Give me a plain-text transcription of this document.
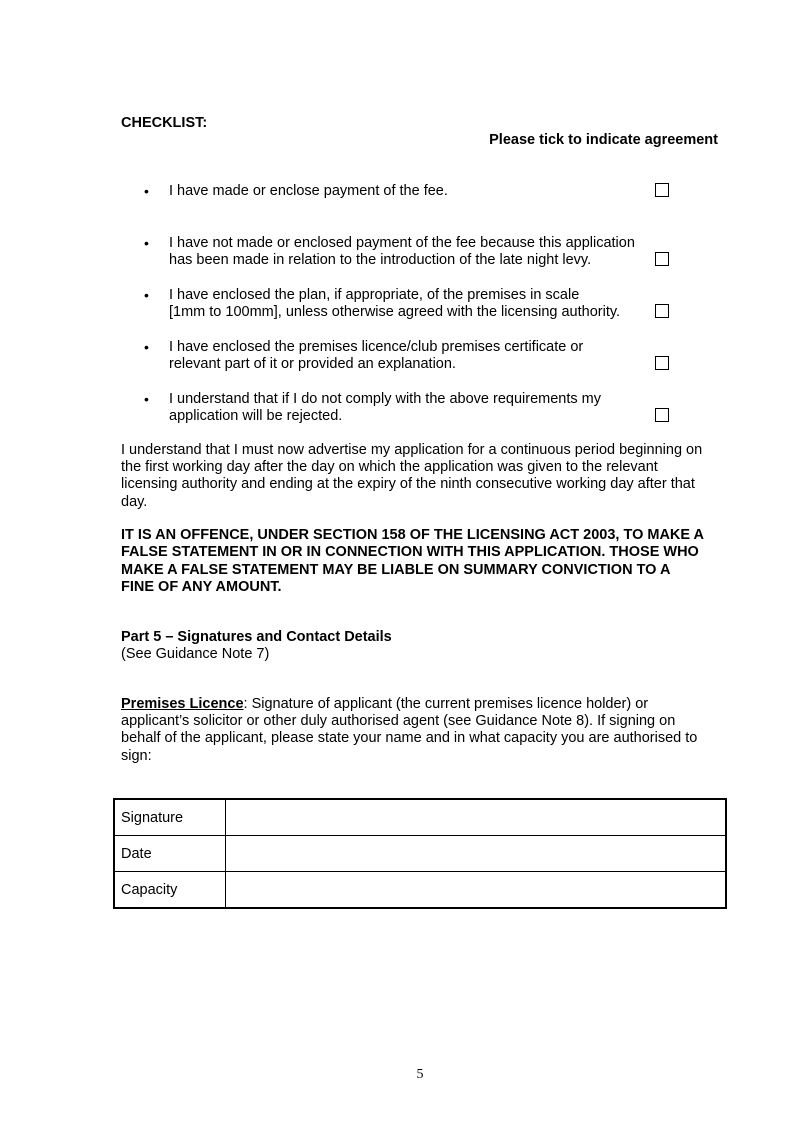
CHECKLIST:
Please tick to indicate agreement
• I have made or enclose payment of the fee.
• I have not made or enclosed payment of the fee because this application
has been made in relation to the introduction of the late night levy.
• I have enclosed the plan, if appropriate, of the premises in scale
[1mm to 100mm], unless otherwise agreed with the licensing authority.
• I have enclosed the premises licence/club premises certificate or
relevant part of it or provided an explanation.
• I understand that if I do not comply with the above requirements my
application will be rejected.
I understand that I must now advertise my application for a continuous period beginning on
the first working day after the day on which the application was given to the relevant
licensing authority and ending at the expiry of the ninth consecutive working day after that
day.
IT IS AN OFFENCE, UNDER SECTION 158 OF THE LICENSING ACT 2003, TO MAKE A
FALSE STATEMENT IN OR IN CONNECTION WITH THIS APPLICATION. THOSE WHO
MAKE A FALSE STATEMENT MAY BE LIABLE ON SUMMARY CONVICTION TO A
FINE OF ANY AMOUNT.
Part 5 – Signatures and Contact Details
(See Guidance Note 7)
Premises Licence: Signature of applicant (the current premises licence holder) or
applicant’s solicitor or other duly authorised agent (see Guidance Note 8). If signing on
behalf of the applicant, please state your name and in what capacity you are authorised to
sign:
Signature	
Date	
Capacity	
5
